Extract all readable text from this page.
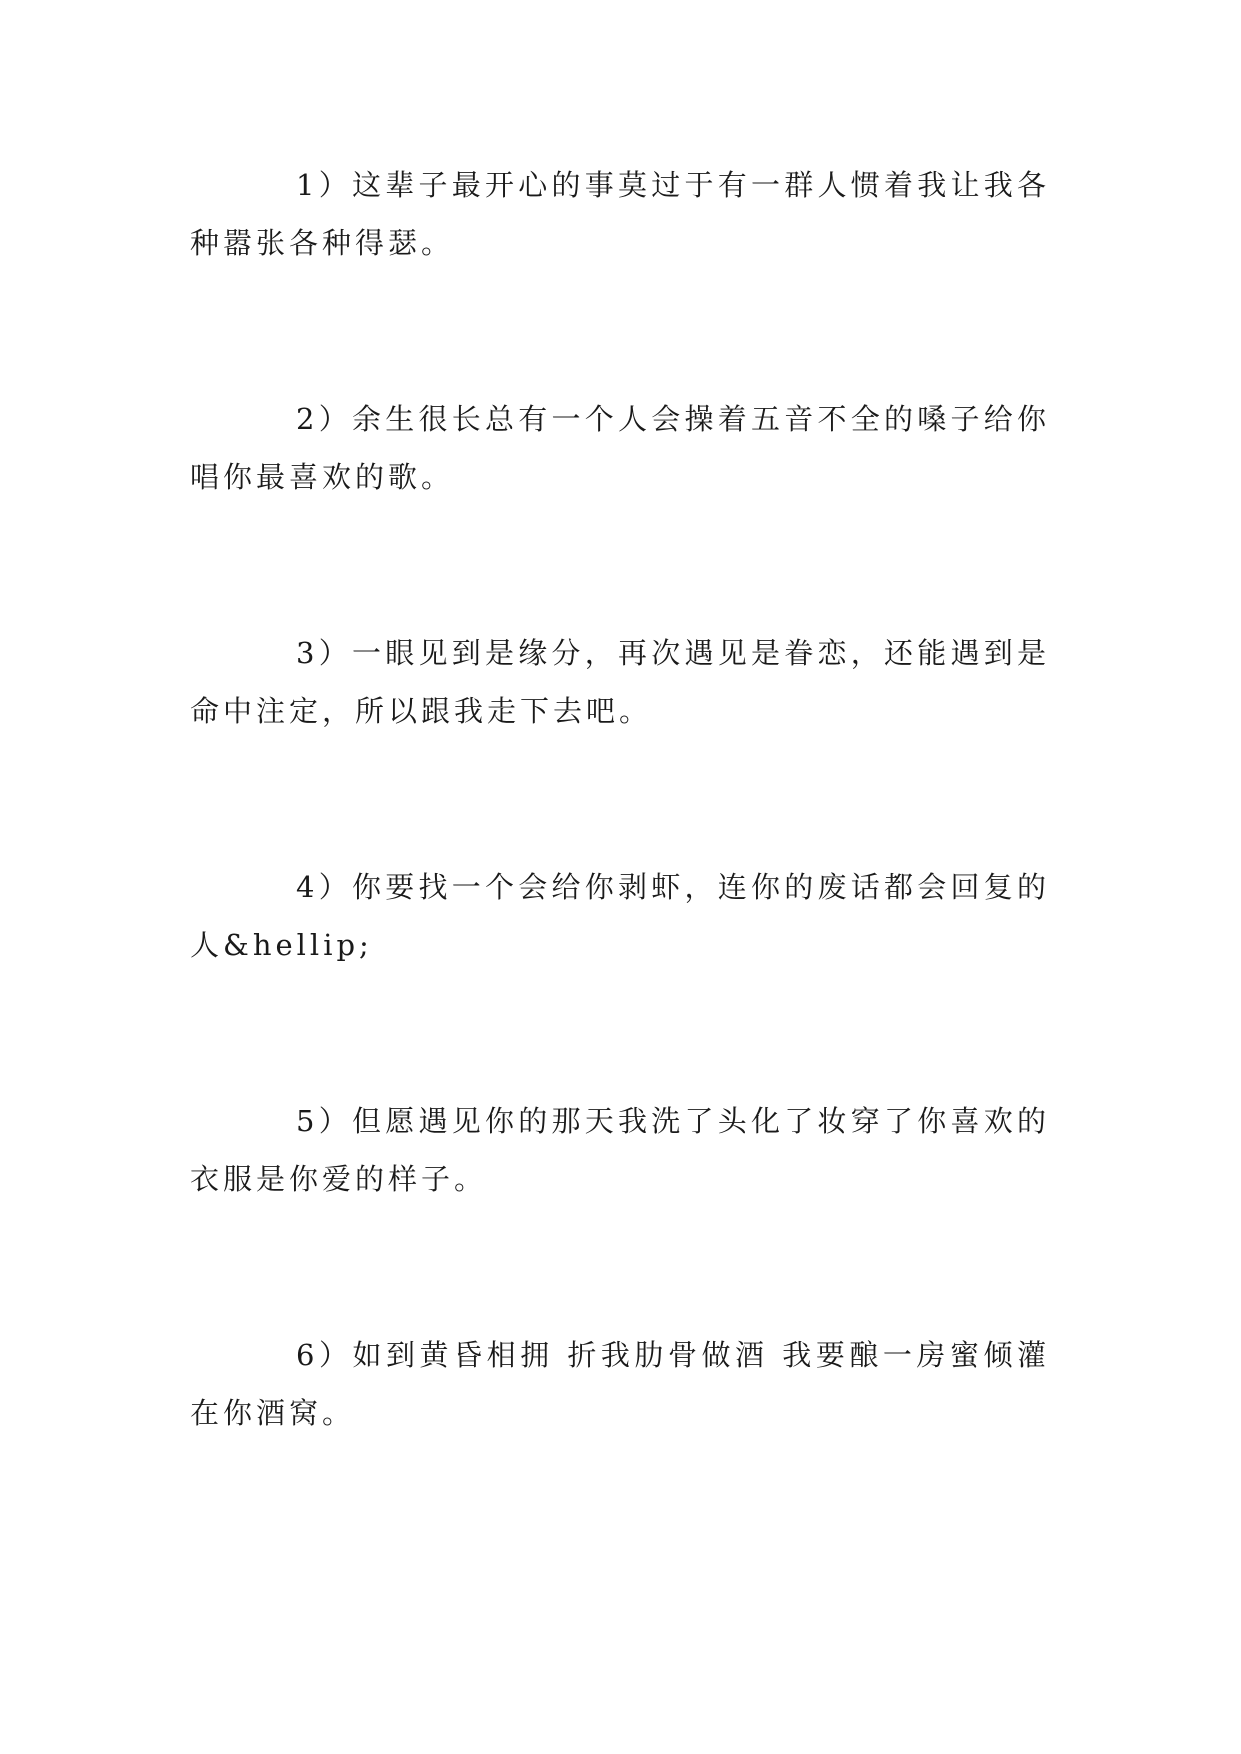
1）这辈子最开心的事莫过于有一群人惯着我让我各种嚣张各种得瑟。

2）余生很长总有一个人会操着五音不全的嗓子给你唱你最喜欢的歌。

3）一眼见到是缘分，再次遇见是眷恋，还能遇到是命中注定，所以跟我走下去吧。

4）你要找一个会给你剥虾，连你的废话都会回复的人&hellip;

5）但愿遇见你的那天我洗了头化了妆穿了你喜欢的衣服是你爱的样子。

6）如到黄昏相拥 折我肋骨做酒 我要酿一房蜜倾灌在你酒窝。
